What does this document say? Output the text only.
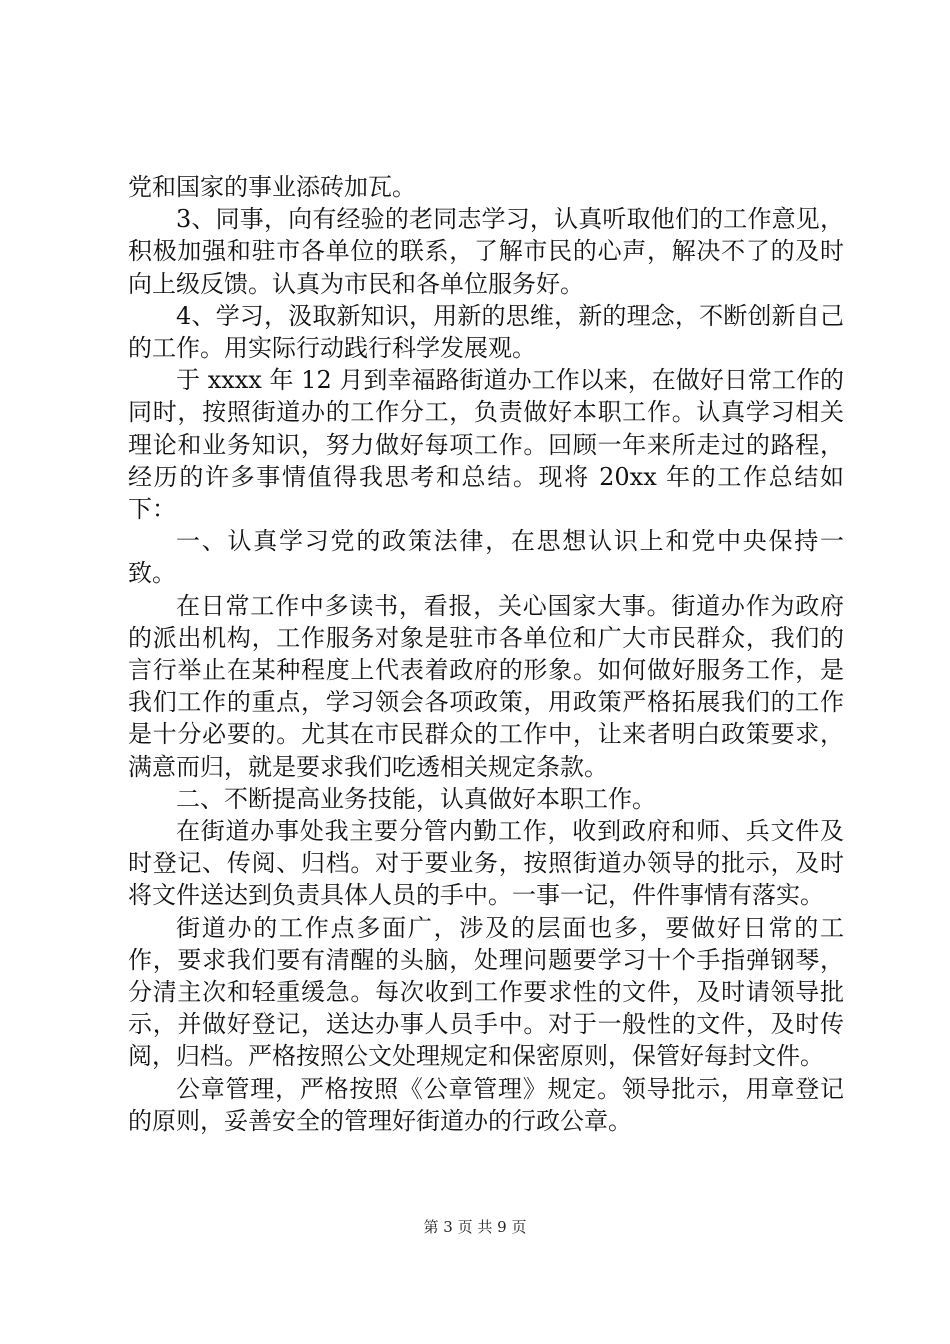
党和国家的事业添砖加瓦。

3、同事，向有经验的老同志学习，认真听取他们的工作意见，积极加强和驻市各单位的联系，了解市民的心声，解决不了的及时向上级反馈。认真为市民和各单位服务好。

4、学习，汲取新知识，用新的思维，新的理念，不断创新自己的工作。用实际行动践行科学发展观。

于 xxxx 年 12 月到幸福路街道办工作以来，在做好日常工作的同时，按照街道办的工作分工，负责做好本职工作。认真学习相关理论和业务知识，努力做好每项工作。回顾一年来所走过的路程，经历的许多事情值得我思考和总结。现将 20xx 年的工作总结如下：

一、认真学习党的政策法律，在思想认识上和党中央保持一致。

在日常工作中多读书，看报，关心国家大事。街道办作为政府的派出机构，工作服务对象是驻市各单位和广大市民群众，我们的言行举止在某种程度上代表着政府的形象。如何做好服务工作，是我们工作的重点，学习领会各项政策，用政策严格拓展我们的工作是十分必要的。尤其在市民群众的工作中，让来者明白政策要求，满意而归，就是要求我们吃透相关规定条款。

二、不断提高业务技能，认真做好本职工作。

在街道办事处我主要分管内勤工作，收到政府和师、兵文件及时登记、传阅、归档。对于要业务，按照街道办领导的批示，及时将文件送达到负责具体人员的手中。一事一记，件件事情有落实。

街道办的工作点多面广，涉及的层面也多，要做好日常的工作，要求我们要有清醒的头脑，处理问题要学习十个手指弹钢琴，分清主次和轻重缓急。每次收到工作要求性的文件，及时请领导批示，并做好登记，送达办事人员手中。对于一般性的文件，及时传阅，归档。严格按照公文处理规定和保密原则，保管好每封文件。

公章管理，严格按照《公章管理》规定。领导批示，用章登记的原则，妥善安全的管理好街道办的行政公章。

第 3 页 共 9 页
